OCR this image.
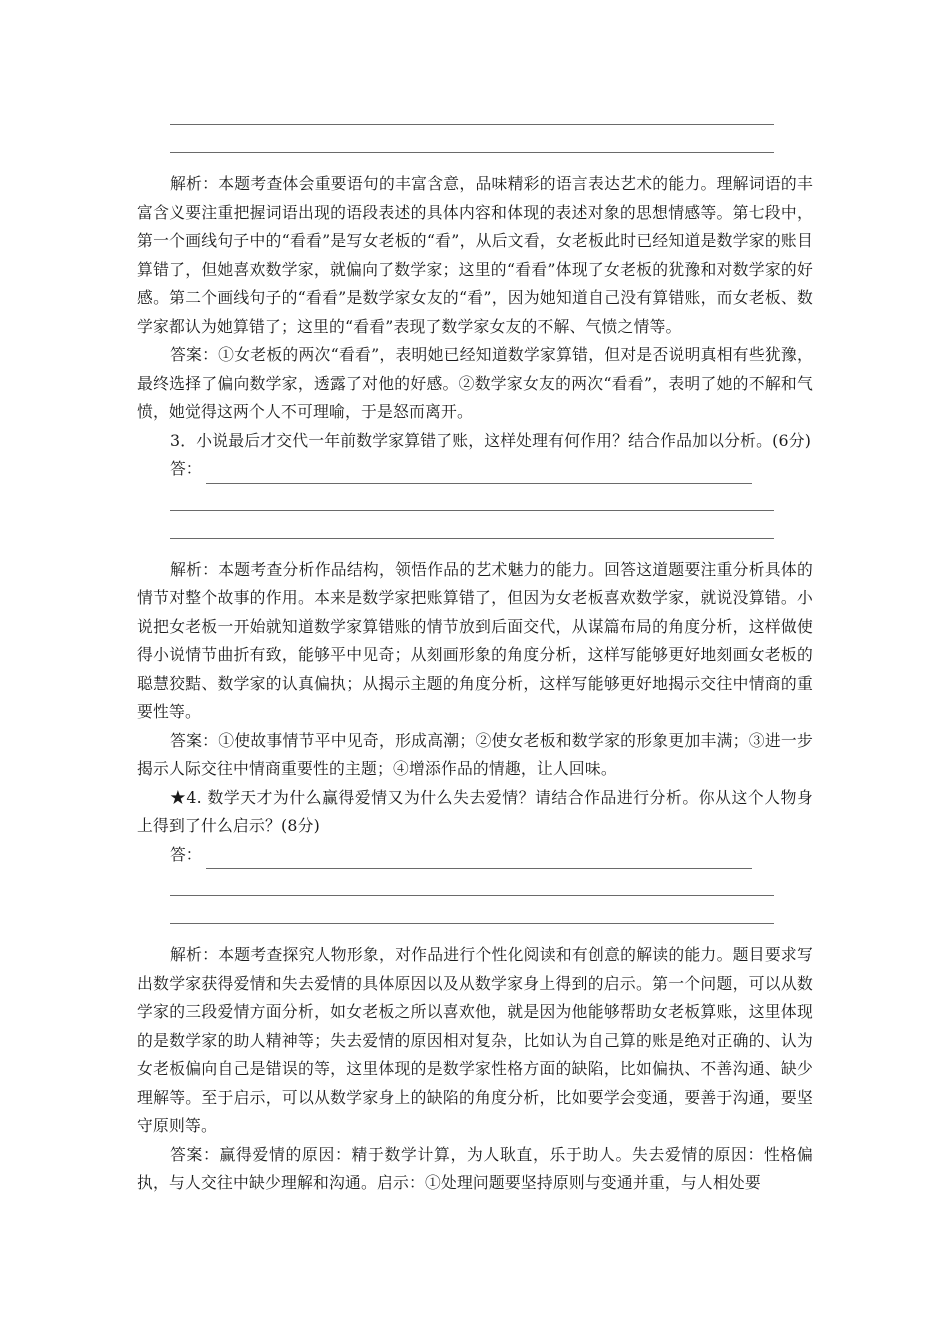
解析：本题考查体会重要语句的丰富含意，品味精彩的语言表达艺术的能力。理解词语的丰富含义要注重把握词语出现的语段表述的具体内容和体现的表述对象的思想情感等。第七段中，第一个画线句子中的“看看”是写女老板的“看”，从后文看，女老板此时已经知道是数学家的账目算错了，但她喜欢数学家，就偏向了数学家；这里的“看看”体现了女老板的犹豫和对数学家的好感。第二个画线句子的“看看”是数学家女友的“看”，因为她知道自己没有算错账，而女老板、数学家都认为她算错了；这里的“看看”表现了数学家女友的不解、气愤之情等。

答案：①女老板的两次“看看”，表明她已经知道数学家算错，但对是否说明真相有些犹豫，最终选择了偏向数学家，透露了对他的好感。②数学家女友的两次“看看”，表明了她的不解和气愤，她觉得这两个人不可理喻，于是怒而离开。

3．小说最后才交代一年前数学家算错了账，这样处理有何作用？结合作品加以分析。(6分)

答：

解析：本题考查分析作品结构，领悟作品的艺术魅力的能力。回答这道题要注重分析具体的情节对整个故事的作用。本来是数学家把账算错了，但因为女老板喜欢数学家，就说没算错。小说把女老板一开始就知道数学家算错账的情节放到后面交代，从谋篇布局的角度分析，这样做使得小说情节曲折有致，能够平中见奇；从刻画形象的角度分析，这样写能够更好地刻画女老板的聪慧狡黠、数学家的认真偏执；从揭示主题的角度分析，这样写能够更好地揭示交往中情商的重要性等。

答案：①使故事情节平中见奇，形成高潮；②使女老板和数学家的形象更加丰满；③进一步揭示人际交往中情商重要性的主题；④增添作品的情趣，让人回味。

★4. 数学天才为什么赢得爱情又为什么失去爱情？请结合作品进行分析。你从这个人物身上得到了什么启示？(8分)

答：

解析：本题考查探究人物形象，对作品进行个性化阅读和有创意的解读的能力。题目要求写出数学家获得爱情和失去爱情的具体原因以及从数学家身上得到的启示。第一个问题，可以从数学家的三段爱情方面分析，如女老板之所以喜欢他，就是因为他能够帮助女老板算账，这里体现的是数学家的助人精神等；失去爱情的原因相对复杂，比如认为自己算的账是绝对正确的、认为女老板偏向自己是错误的等，这里体现的是数学家性格方面的缺陷，比如偏执、不善沟通、缺少理解等。至于启示，可以从数学家身上的缺陷的角度分析，比如要学会变通，要善于沟通，要坚守原则等。

答案：赢得爱情的原因：精于数学计算，为人耿直，乐于助人。失去爱情的原因：性格偏执，与人交往中缺少理解和沟通。启示：①处理问题要坚持原则与变通并重，与人相处要
